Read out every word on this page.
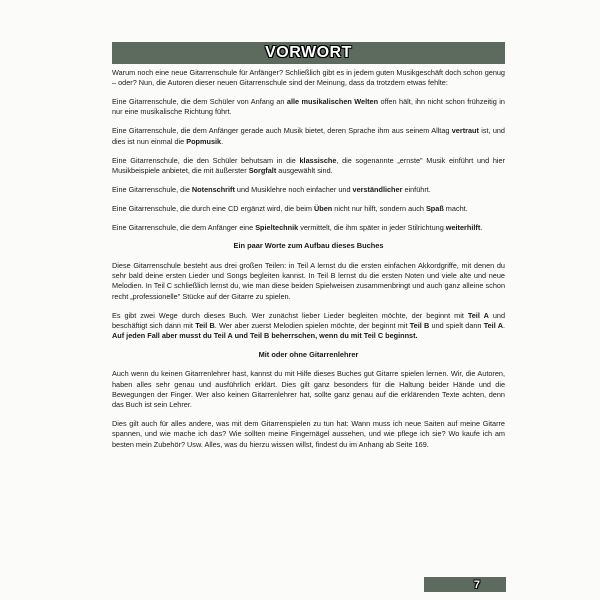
VORWORT

Warum noch eine neue Gitarrenschule für Anfänger? Schließlich gibt es in jedem guten Musikgeschäft doch schon genug – oder? Nun, die Autoren dieser neuen Gitarrenschule sind der Meinung, dass da trotzdem etwas fehlte:

Eine Gitarrenschule, die dem Schüler von Anfang an alle musikalischen Welten offen hält, ihn nicht schon frühzeitig in nur eine musikalische Richtung führt.

Eine Gitarrenschule, die dem Anfänger gerade auch Musik bietet, deren Sprache ihm aus seinem Alltag vertraut ist, und dies ist nun einmal die Popmusik.

Eine Gitarrenschule, die den Schüler behutsam in die klassische, die sogenannte „ernste" Musik einführt und hier Musikbeispiele anbietet, die mit äußerster Sorgfalt ausgewählt sind.

Eine Gitarrenschule, die Notenschrift und Musiklehre noch einfacher und verständlicher einführt.

Eine Gitarrenschule, die durch eine CD ergänzt wird, die beim Üben nicht nur hilft, sondern auch Spaß macht.

Eine Gitarrenschule, die dem Anfänger eine Spieltechnik vermittelt, die ihm später in jeder Stilrichtung weiterhilft.

Ein paar Worte zum Aufbau dieses Buches

Diese Gitarrenschule besteht aus drei großen Teilen: in Teil A lernst du die ersten einfachen Akkordgriffe, mit denen du sehr bald deine ersten Lieder und Songs begleiten kannst. In Teil B lernst du die ersten Noten und viele alte und neue Melodien. In Teil C schließlich lernst du, wie man diese beiden Spielweisen zusammenbringt und auch ganz alleine schon recht „professionelle" Stücke auf der Gitarre zu spielen.

Es gibt zwei Wege durch dieses Buch. Wer zunächst lieber Lieder begleiten möchte, der beginnt mit Teil A und beschäftigt sich dann mit Teil B. Wer aber zuerst Melodien spielen möchte, der beginnt mit Teil B und spielt dann Teil A. Auf jeden Fall aber musst du Teil A und Teil B beherrschen, wenn du mit Teil C beginnst.

Mit oder ohne Gitarrenlehrer

Auch wenn du keinen Gitarrenlehrer hast, kannst du mit Hilfe dieses Buches gut Gitarre spielen lernen. Wir, die Autoren, haben alles sehr genau und ausführlich erklärt. Dies gilt ganz besonders für die Haltung beider Hände und die Bewegungen der Finger. Wer also keinen Gitarrenlehrer hat, sollte ganz genau auf die erklärenden Texte achten, denn das Buch ist sein Lehrer.

Dies gilt auch für alles andere, was mit dem Gitarrenspielen zu tun hat: Wann muss ich neue Saiten auf meine Gitarre spannen, und wie mache ich das? Wie sollten meine Fingernägel aussehen, und wie pflege ich sie? Wo kaufe ich am besten mein Zubehör? Usw. Alles, was du hierzu wissen willst, findest du im Anhang ab Seite 169.

7
